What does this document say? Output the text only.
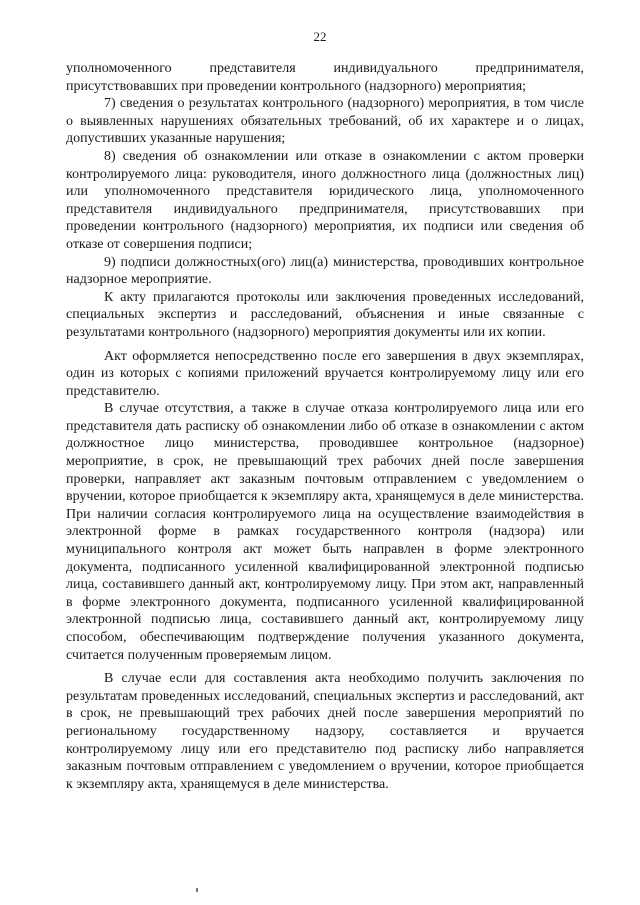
22

уполномоченного представителя индивидуального предпринимателя, присутствовавших при проведении контрольного (надзорного) мероприятия;

7) сведения о результатах контрольного (надзорного) мероприятия, в том числе о выявленных нарушениях обязательных требований, об их характере и о лицах, допустивших указанные нарушения;

8) сведения об ознакомлении или отказе в ознакомлении с актом проверки контролируемого лица: руководителя, иного должностного лица (должностных лиц) или уполномоченного представителя юридического лица, уполномоченного представителя индивидуального предпринимателя, присутствовавших при проведении контрольного (надзорного) мероприятия, их подписи или сведения об отказе от совершения подписи;

9) подписи должностных(ого) лиц(а) министерства, проводивших контрольное надзорное мероприятие.

К акту прилагаются протоколы или заключения проведенных исследований, специальных экспертиз и расследований, объяснения и иные связанные с результатами контрольного (надзорного) мероприятия документы или их копии.

Акт оформляется непосредственно после его завершения в двух экземплярах, один из которых с копиями приложений вручается контролируемому лицу или его представителю.

В случае отсутствия, а также в случае отказа контролируемого лица или его представителя дать расписку об ознакомлении либо об отказе в ознакомлении с актом должностное лицо министерства, проводившее контрольное (надзорное) мероприятие, в срок, не превышающий трех рабочих дней после завершения проверки, направляет акт заказным почтовым отправлением с уведомлением о вручении, которое приобщается к экземпляру акта, хранящемуся в деле министерства. При наличии согласия контролируемого лица на осуществление взаимодействия в электронной форме в рамках государственного контроля (надзора) или муниципального контроля акт может быть направлен в форме электронного документа, подписанного усиленной квалифицированной электронной подписью лица, составившего данный акт, контролируемому лицу. При этом акт, направленный в форме электронного документа, подписанного усиленной квалифицированной электронной подписью лица, составившего данный акт, контролируемому лицу способом, обеспечивающим подтверждение получения указанного документа, считается полученным проверяемым лицом.

В случае если для составления акта необходимо получить заключения по результатам проведенных исследований, специальных экспертиз и расследований, акт в срок, не превышающий трех рабочих дней после завершения мероприятий по региональному государственному надзору, составляется и вручается контролируемому лицу или его представителю под расписку либо направляется заказным почтовым отправлением с уведомлением о вручении, которое приобщается к экземпляру акта, хранящемуся в деле министерства.
